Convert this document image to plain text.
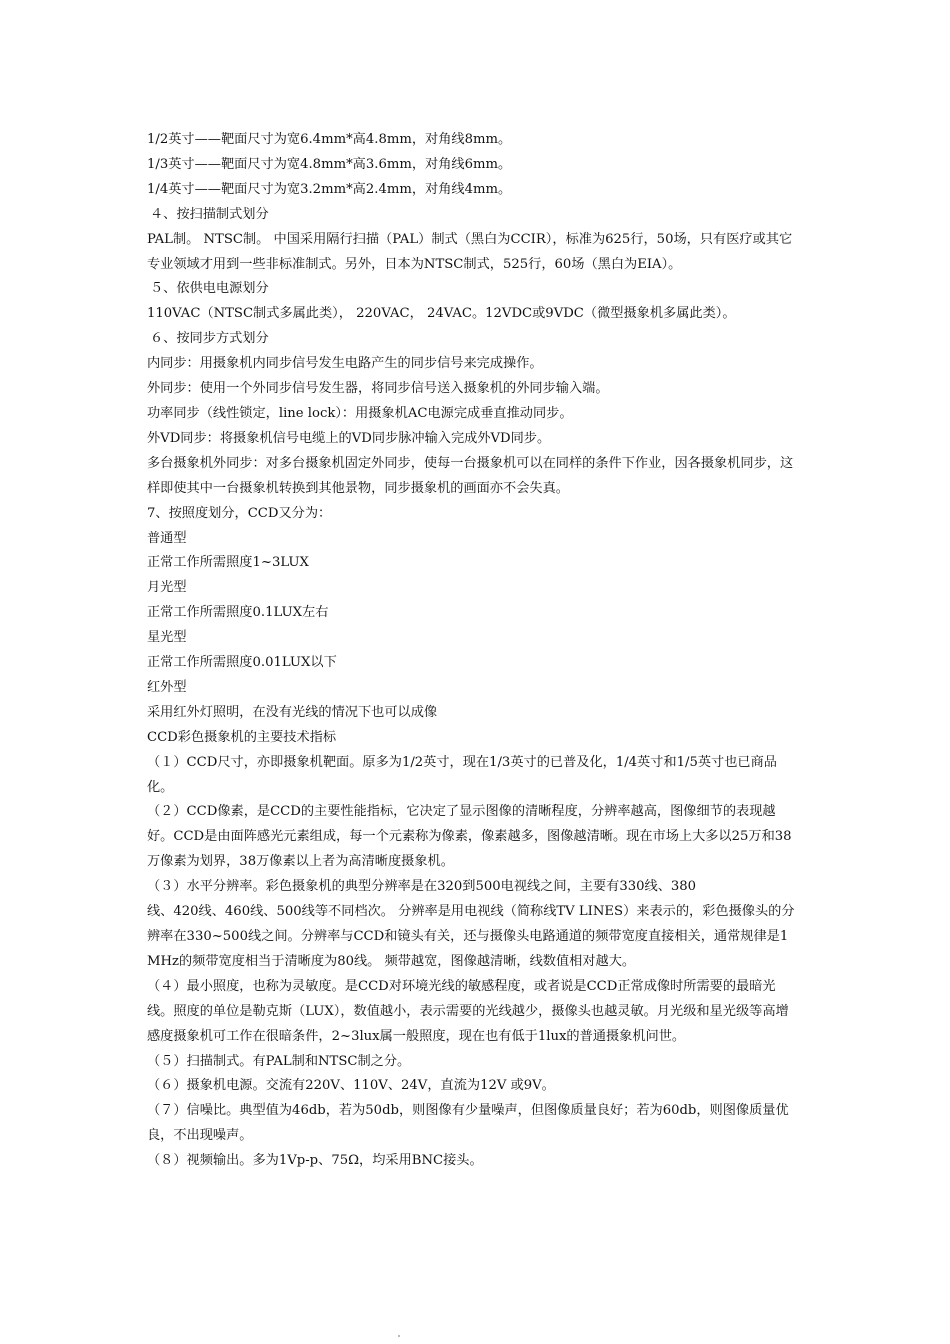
1/2英寸——靶面尺寸为宽6.4mm*高4.8mm，对角线8mm。

1/3英寸——靶面尺寸为宽4.8mm*高3.6mm，对角线6mm。

1/4英寸——靶面尺寸为宽3.2mm*高2.4mm，对角线4mm。

４、按扫描制式划分

PAL制。 NTSC制。 中国采用隔行扫描（PAL）制式（黑白为CCIR），标准为625行，50场，只有医疗或其它专业领域才用到一些非标准制式。另外，日本为NTSC制式，525行，60场（黑白为EIA）。

５、依供电电源划分

110VAC（NTSC制式多属此类）， 220VAC， 24VAC。12VDC或9VDC（微型摄象机多属此类）。

６、按同步方式划分

内同步：用摄象机内同步信号发生电路产生的同步信号来完成操作。

外同步：使用一个外同步信号发生器，将同步信号送入摄象机的外同步输入端。

功率同步（线性锁定，line lock）：用摄象机AC电源完成垂直推动同步。

外VD同步：将摄象机信号电缆上的VD同步脉冲输入完成外VD同步。

多台摄象机外同步：对多台摄象机固定外同步，使每一台摄象机可以在同样的条件下作业，因各摄象机同步，这样即使其中一台摄象机转换到其他景物，同步摄象机的画面亦不会失真。

7、按照度划分，CCD又分为：

普通型

正常工作所需照度1~3LUX

月光型

正常工作所需照度0.1LUX左右

星光型

正常工作所需照度0.01LUX以下

红外型

采用红外灯照明，在没有光线的情况下也可以成像

CCD彩色摄象机的主要技术指标

（１）CCD尺寸，亦即摄象机靶面。原多为1/2英寸，现在1/3英寸的已普及化，1/4英寸和1/5英寸也已商品化。

（２）CCD像素，是CCD的主要性能指标，它决定了显示图像的清晰程度，分辨率越高，图像细节的表现越好。CCD是由面阵感光元素组成，每一个元素称为像素，像素越多，图像越清晰。现在市场上大多以25万和38万像素为划界，38万像素以上者为高清晰度摄象机。

（３）水平分辨率。彩色摄象机的典型分辨率是在320到500电视线之间，主要有330线、380

线、420线、460线、500线等不同档次。 分辨率是用电视线（简称线TV LINES）来表示的，彩色摄像头的分辨率在330~500线之间。分辨率与CCD和镜头有关，还与摄像头电路通道的频带宽度直接相关，通常规律是1MHz的频带宽度相当于清晰度为80线。 频带越宽，图像越清晰，线数值相对越大。

（４）最小照度，也称为灵敏度。是CCD对环境光线的敏感程度，或者说是CCD正常成像时所需要的最暗光线。照度的单位是勒克斯（LUX），数值越小，表示需要的光线越少，摄像头也越灵敏。月光级和星光级等高增感度摄象机可工作在很暗条件，2~3lux属一般照度，现在也有低于1lux的普通摄象机问世。

（５）扫描制式。有PAL制和NTSC制之分。

（６）摄象机电源。交流有220V、110V、24V，直流为12V 或9V。

（７）信噪比。典型值为46db，若为50db，则图像有少量噪声，但图像质量良好；若为60db，则图像质量优良，不出现噪声。

（８）视频输出。多为1Vp-p、75Ω，均采用BNC接头。
